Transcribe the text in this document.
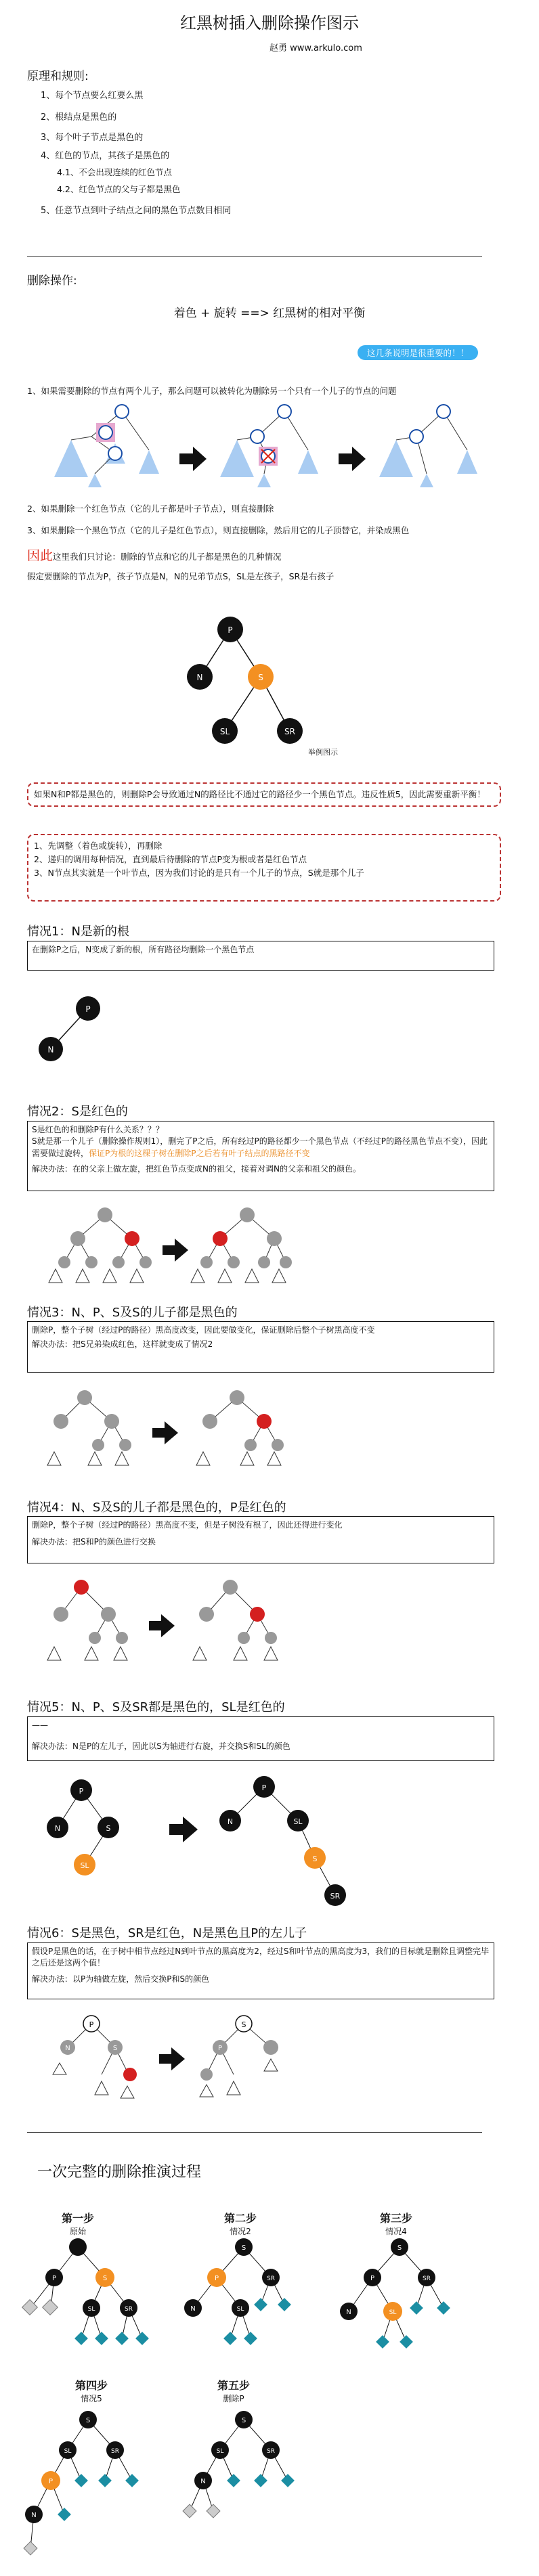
红黑树插入删除操作图示
赵勇 www.arkulo.com
原理和规则:
1、每个节点要么红要么黑
2、根结点是黑色的
3、每个叶子节点是黑色的
4、红色的节点，其孩子是黑色的
4.1、不会出现连续的红色节点
4.2、红色节点的父与子都是黑色
5、任意节点到叶子结点之间的黑色节点数目相同
删除操作:
着色 + 旋转 ==> 红黑树的相对平衡
这几条说明是很重要的！！
1、如果需要删除的节点有两个儿子，那么问题可以被转化为删除另一个只有一个儿子的节点的问题
2、如果删除一个红色节点（它的儿子都是叶子节点），则直接删除
3、如果删除一个黑色节点（它的儿子是红色节点），则直接删除，然后用它的儿子顶替它，并染成黑色
因此这里我们只讨论：删除的节点和它的儿子都是黑色的几种情况
假定要删除的节点为P，孩子节点是N，N的兄弟节点S，SL是左孩子，SR是右孩子
P
N	S
SL	SR
举例图示
如果N和P都是黑色的，则删除P会导致通过N的路径比不通过它的路径少一个黑色节点。违反性质5，因此需要重新平衡！
1、先调整（着色或旋转），再删除
2、递归的调用每种情况，直到最后待删除的节点P变为根或者是红色节点
3、N节点其实就是一个叶节点，因为我们讨论的是只有一个儿子的节点，S就是那个儿子
情况1：N是新的根
在删除P之后，N变成了新的根，所有路径均删除一个黑色节点
P
N
情况2：S是红色的
S是红色的和删除P有什么关系？？？
S就是那一个儿子（删除操作规则1），删完了P之后，所有经过P的路径都少一个黑色节点（不经过P的路径黑色节点不变），因此需要做过旋转，保证P为根的这棵子树在删除P之后若有叶子结点的黑路径不变
解决办法：在的父亲上做左旋，把红色节点变成N的祖父，接着对调N的父亲和祖父的颜色。
情况3：N、P、S及S的儿子都是黑色的
删除P，整个子树（经过P的路径）黑高度改变，因此要做变化，保证删除后整个子树黑高度不变
解决办法：把S兄弟染成红色，这样就变成了情况2
情况4：N、S及S的儿子都是黑色的，P是红色的
删除P，整个子树（经过P的路径）黑高度不变，但是子树没有根了，因此还得进行变化
解决办法：把S和P的颜色进行交换
情况5：N、P、S及SR都是黑色的，SL是红色的
——
解决办法：N是P的左儿子，因此以S为轴进行右旋，并交换S和SL的颜色
P
N	S
SL
P
N	SL
S
SR
情况6：S是黑色，SR是红色，N是黑色且P的左儿子
假设P是黑色的话，在子树中相节点经过N到叶节点的黑高度为2，经过S和叶节点的黑高度为3，我们的目标就是删除且调整完毕之后还是这两个值！
解决办法：以P为轴做左旋，然后交换P和S的颜色
P
N	S
S
P
一次完整的删除推演过程
第一步
原始
第二步
情况2
第三步
情况4
第四步
情况5
第五步
删除P
P	S
SL	SR
S
P	SR
N	SL
S
P	SR
N	SL
S
SL	SR
P
N
S
SL	SR
N
